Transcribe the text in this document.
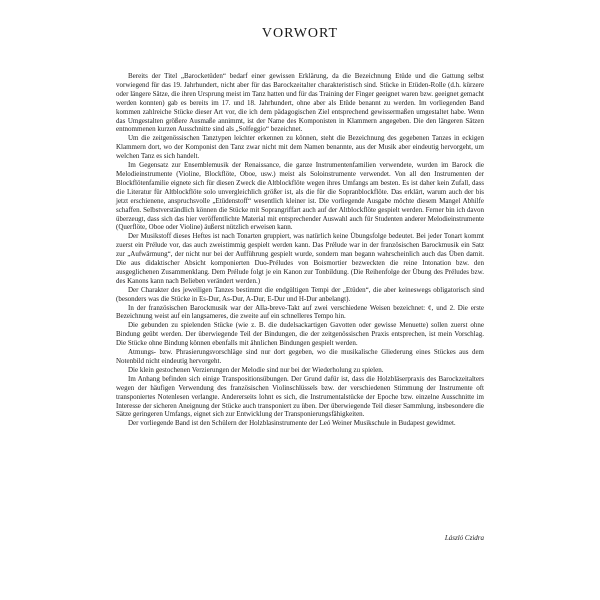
VORWORT

Bereits der Titel „Barocketüden“ bedarf einer gewissen Erklärung, da die Bezeichnung Etüde und die Gattung selbst vorwiegend für das 19. Jahrhundert, nicht aber für das Barockzeitalter charakteristisch sind. Stücke in Etüden-Rolle (d.h. kürzere oder längere Sätze, die ihren Ursprung meist im Tanz hatten und für das Training der Finger geeignet waren bzw. geeignet gemacht werden konnten) gab es bereits im 17. und 18. Jahrhundert, ohne aber als Etüde benannt zu werden. Im vorliegenden Band kommen zahlreiche Stücke dieser Art vor, die ich dem pädagogischen Ziel entsprechend gewissermaßen umgestaltet habe. Wenn das Umgestalten größere Ausmaße annimmt, ist der Name des Komponisten in Klammern angegeben. Die den längeren Sätzen entnommenen kurzen Ausschnitte sind als „Solfeggio“ bezeichnet.

Um die zeitgenössischen Tanztypen leichter erkennen zu können, steht die Bezeichnung des gegebenen Tanzes in eckigen Klammern dort, wo der Komponist den Tanz zwar nicht mit dem Namen benannte, aus der Musik aber eindeutig hervorgeht, um welchen Tanz es sich handelt.

Im Gegensatz zur Ensemblemusik der Renaissance, die ganze Instrumentenfamilien verwendete, wurden im Barock die Melodieinstrumente (Violine, Blockflöte, Oboe, usw.) meist als Soloinstrumente verwendet. Von all den Instrumenten der Blockflötenfamilie eignete sich für diesen Zweck die Altblockflöte wegen ihres Umfangs am besten. Es ist daher kein Zufall, dass die Literatur für Altblockflöte solo unvergleichlich größer ist, als die für die Sopranblockflöte. Das erklärt, warum auch der bis jetzt erschienene, anspruchsvolle „Etüdenstoff“ wesentlich kleiner ist. Die vorliegende Ausgabe möchte diesem Mangel Abhilfe schaffen. Selbstverständlich können die Stücke mit Soprangriffart auch auf der Altblockflöte gespielt werden. Ferner bin ich davon überzeugt, dass sich das hier veröffentlichte Material mit entsprechender Auswahl auch für Studenten anderer Melodieinstrumente (Querflöte, Oboe oder Violine) äußerst nützlich erweisen kann.

Der Musikstoff dieses Heftes ist nach Tonarten gruppiert, was natürlich keine Übungsfolge bedeutet. Bei jeder Tonart kommt zuerst ein Prélude vor, das auch zweistimmig gespielt werden kann. Das Prélude war in der französischen Barockmusik ein Satz zur „Aufwärmung“, der nicht nur bei der Aufführung gespielt wurde, sondern man begann wahrscheinlich auch das Üben damit. Die aus didaktischer Absicht komponierten Duo-Préludes von Boismortier bezweckten die reine Intonation bzw. den ausgeglichenen Zusammenklang. Dem Prélude folgt je ein Kanon zur Tonbildung. (Die Reihenfolge der Übung des Préludes bzw. des Kanons kann nach Belieben verändert werden.)

Der Charakter des jeweiligen Tanzes bestimmt die endgültigen Tempi der „Etüden“, die aber keineswegs obligatorisch sind (besonders was die Stücke in Es-Dur, As-Dur, A-Dur, E-Dur und H-Dur anbelangt).

In der französischen Barockmusik war der Alla-breve-Takt auf zwei verschiedene Weisen bezeichnet: ¢, und 2. Die erste Bezeichnung weist auf ein langsameres, die zweite auf ein schnelleres Tempo hin.

Die gebunden zu spielenden Stücke (wie z. B. die dudelsackartigen Gavotten oder gewisse Menuette) sollen zuerst ohne Bindung geübt werden. Der überwiegende Teil der Bindungen, die der zeitgenössischen Praxis entsprechen, ist mein Vorschlag. Die Stücke ohne Bindung können ebenfalls mit ähnlichen Bindungen gespielt werden.

Atmungs- bzw. Phrasierungsvorschläge sind nur dort gegeben, wo die musikalische Gliederung eines Stückes aus dem Notenbild nicht eindeutig hervorgeht.

Die klein gestochenen Verzierungen der Melodie sind nur bei der Wiederholung zu spielen.

Im Anhang befinden sich einige Transpositionsübungen. Der Grund dafür ist, dass die Holzbläserpraxis des Barockzeitalters wegen der häufigen Verwendung des französischen Violinschlüssels bzw. der verschiedenen Stimmung der Instrumente oft transponiertes Notenlesen verlangte. Andererseits lohnt es sich, die Instrumentalstücke der Epoche bzw. einzelne Ausschnitte im Interesse der sicheren Aneignung der Stücke auch transponiert zu üben. Der überwiegende Teil dieser Sammlung, insbesondere die Sätze geringeren Umfangs, eignet sich zur Entwicklung der Transponierungsfähigkeiten.

Der vorliegende Band ist den Schülern der Holzblasinstrumente der Leó Weiner Musikschule in Budapest gewidmet.

László Czidra
